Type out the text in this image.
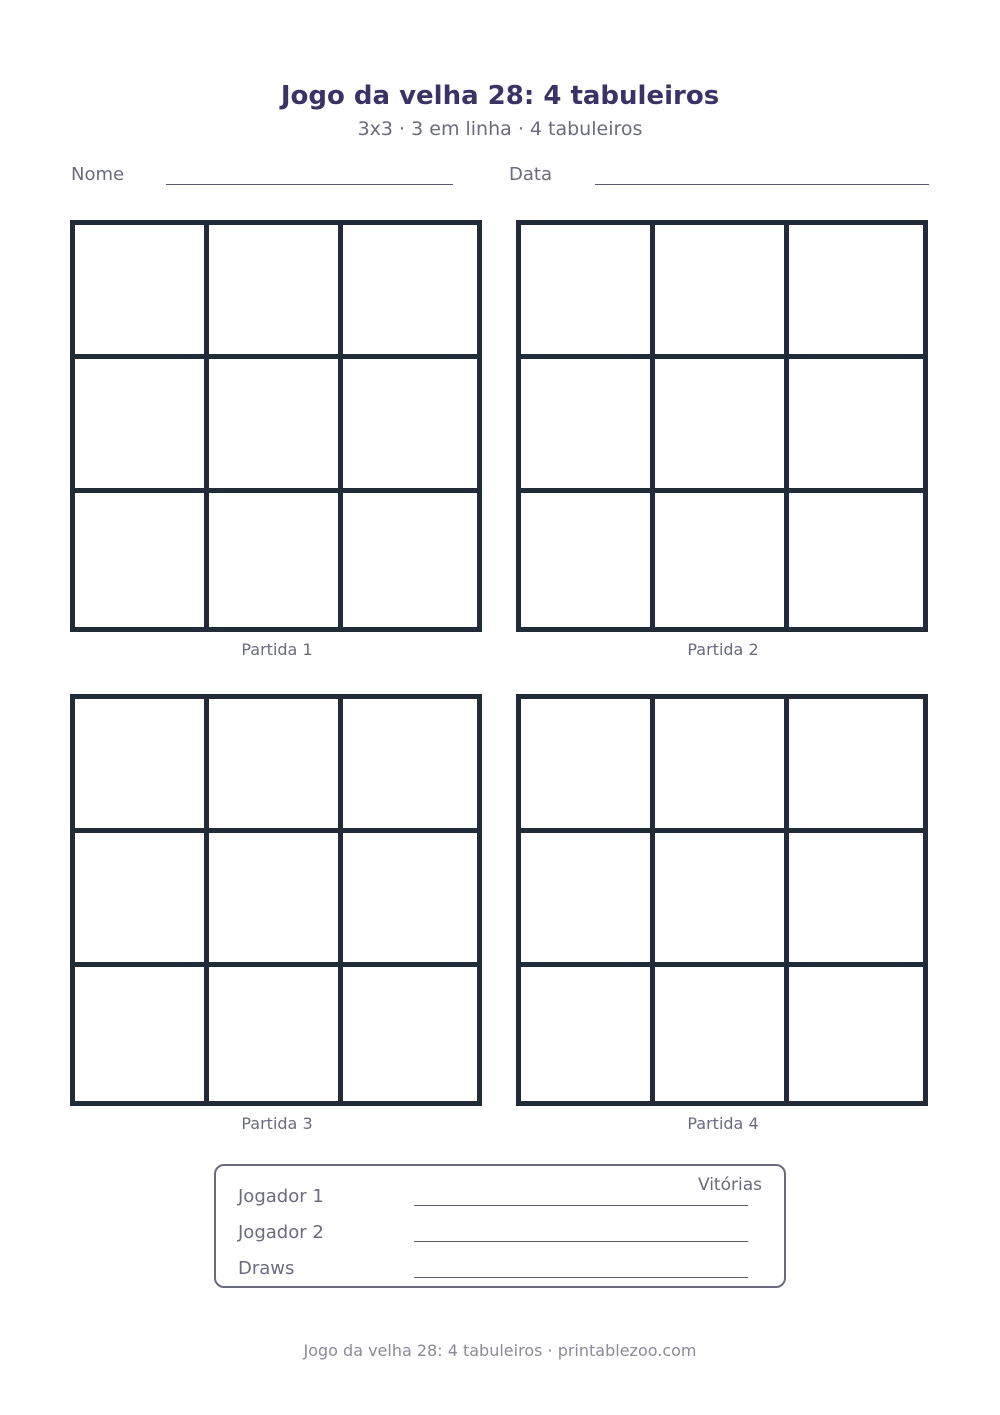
Jogo da velha 28: 4 tabuleiros
3x3 · 3 em linha · 4 tabuleiros
Nome	Data
Partida 1	Partida 2
Partida 3	Partida 4
Vitórias
Jogador 1
Jogador 2
Draws
Jogo da velha 28: 4 tabuleiros · printablezoo.com
